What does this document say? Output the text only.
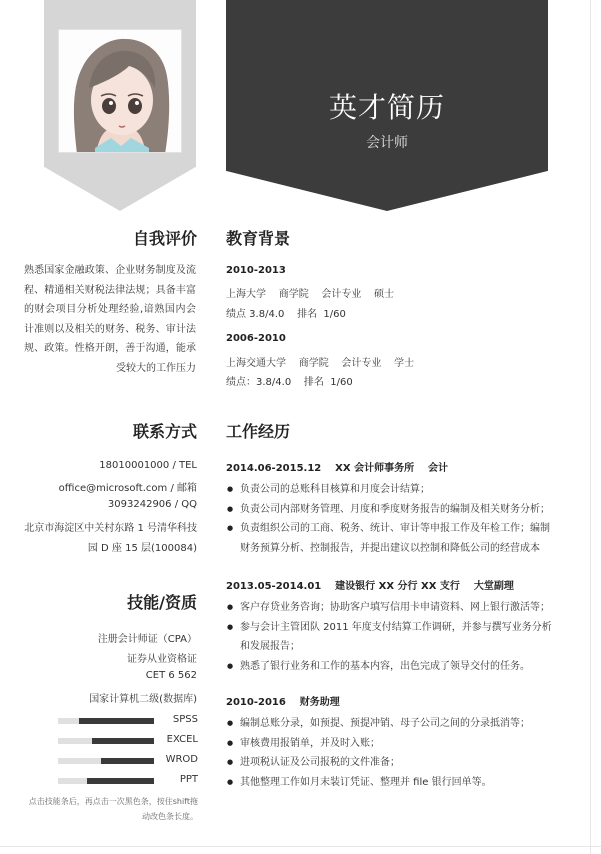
英才简历
会计师
自我评价
熟悉国家金融政策、企业财务制度及流程、精通相关财税法律法规；具备丰富的财会项目分析处理经验,谙熟国内会计准则以及相关的财务、税务、审计法规、政策。性格开朗，善于沟通，能承受较大的工作压力
联系方式
18010001000 / TEL
office@microsoft.com / 邮箱
3093242906 / QQ
北京市海淀区中关村东路 1 号清华科技
园 D 座 15 层(100084)
技能/资质
注册会计师证（CPA）
证券从业资格证
CET 6 562
国家计算机二级(数据库)
SPSS
EXCEL
WROD
PPT
点击技能条后，再点击一次黑色条，按住shift拖动改色条长度。
教育背景
2010-2013
上海大学    商学院    会计专业    硕士
绩点 3.8/4.0    排名  1/60
2006-2010
上海交通大学    商学院    会计专业    学士
绩点：3.8/4.0    排名  1/60
工作经历
2014.06-2015.12    XX 会计师事务所    会计
● 负责公司的总账科目核算和月度会计结算；
● 负责公司内部财务管理、月度和季度财务报告的编制及相关财务分析；
● 负责组织公司的工商、税务、统计、审计等申报工作及年检工作；编制财务预算分析、控制报告，并提出建议以控制和降低公司的经营成本
2013.05-2014.01    建设银行 XX 分行 XX 支行    大堂副理
● 客户存贷业务咨询；协助客户填写信用卡申请资料、网上银行激活等；
● 参与会计主管团队 2011 年度支付结算工作调研，并参与撰写业务分析和发展报告；
● 熟悉了银行业务和工作的基本内容，出色完成了领导交付的任务。
2010-2016    财务助理
● 编制总账分录，如预提、预提冲销、母子公司之间的分录抵消等；
● 审核费用报销单，并及时入账；
● 进项税认证及公司报税的文件准备；
● 其他整理工作如月末装订凭证、整理并 file 银行回单等。
